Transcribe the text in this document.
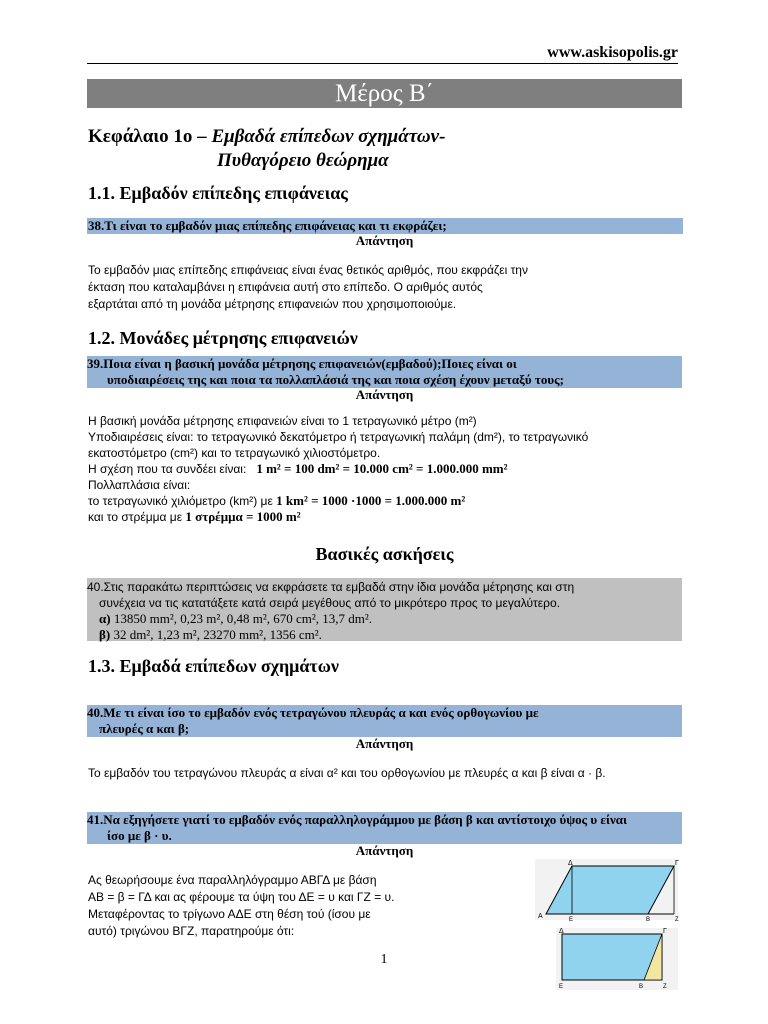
www.askisopolis.gr
Μέρος Β΄
Κεφάλαιο 1ο – Εμβαδά επίπεδων σχημάτων-
Πυθαγόρειο θεώρημα
1.1. Εμβαδόν επίπεδης επιφάνειας
38.Τι είναι το εμβαδόν μιας επίπεδης επιφάνειας και τι εκφράζει;
Απάντηση
Το εμβαδόν μιας επίπεδης επιφάνειας είναι ένας θετικός αριθμός, που εκφράζει την
έκταση που καταλαμβάνει η επιφάνεια αυτή στο επίπεδο. Ο αριθμός αυτός
εξαρτάται από τη μονάδα μέτρησης επιφανειών που χρησιμοποιούμε.
1.2. Μονάδες μέτρησης επιφανειών
39.Ποια είναι η βασική μονάδα μέτρησης επιφανειών(εμβαδού);Ποιες είναι οι
υποδιαιρέσεις της και ποια τα πολλαπλάσιά της και ποια σχέση έχουν μεταξύ τους;
Απάντηση
Η βασική μονάδα μέτρησης επιφανειών είναι το 1 τετραγωνικό μέτρο (m²)
Υποδιαιρέσεις είναι: το τετραγωνικό δεκατόμετρο ή τετραγωνική παλάμη (dm²), το τετραγωνικό
εκατοστόμετρο (cm²) και το τετραγωνικό χιλιοστόμετρο.
Η σχέση που τα συνδέει είναι: 1 m² = 100 dm² = 10.000 cm² = 1.000.000 mm²
Πολλαπλάσια είναι:
το τετραγωνικό χιλιόμετρο (km²) με 1 km² = 1000 ·1000 = 1.000.000 m²
και το στρέμμα με 1 στρέμμα = 1000 m²
Βασικές ασκήσεις
40.Στις παρακάτω περιπτώσεις να εκφράσετε τα εμβαδά στην ίδια μονάδα μέτρησης και στη
συνέχεια να τις κατατάξετε κατά σειρά μεγέθους από το μικρότερο προς το μεγαλύτερο.
α) 13850 mm², 0,23 m², 0,48 m², 670 cm², 13,7 dm².
β) 32 dm², 1,23 m², 23270 mm², 1356 cm².
1.3. Εμβαδά επίπεδων σχημάτων
40.Με τι είναι ίσο το εμβαδόν ενός τετραγώνου πλευράς α και ενός ορθογωνίου με
πλευρές α και β;
Απάντηση
Το εμβαδόν του τετραγώνου πλευράς α είναι α² και του ορθογωνίου με πλευρές α και β είναι α · β.
41.Να εξηγήσετε γιατί το εμβαδόν ενός παραλληλογράμμου με βάση β και αντίστοιχο ύψος υ είναι
ίσο με β · υ.
Απάντηση
Ας θεωρήσουμε ένα παραλληλόγραμμο ΑΒΓΔ με βάση
ΑΒ = β = ΓΔ και ας φέρουμε τα ύψη του ΔΕ = υ και ΓΖ = υ.
Μεταφέροντας το τρίγωνο ΑΔΕ στη θέση τού (ίσου με
αυτό) τριγώνου ΒΓΖ, παρατηρούμε ότι:
Δ	Γ
A	E	B	Z
Δ	Γ
E	B	Z
1
